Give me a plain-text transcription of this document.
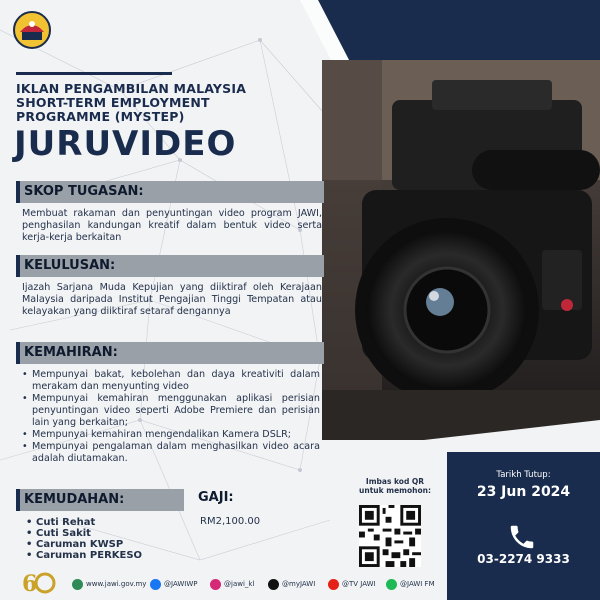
IKLAN PENGAMBILAN MALAYSIA
SHORT-TERM EMPLOYMENT
PROGRAMME (MYSTEP)
JURUVIDEO
SKOP TUGASAN:
Membuat rakaman dan penyuntingan video program JAWI, penghasilan kandungan kreatif dalam bentuk video serta kerja-kerja berkaitan
KELULUSAN:
Ijazah Sarjana Muda Kepujian yang diiktiraf oleh Kerajaan Malaysia daripada Institut Pengajian Tinggi Tempatan atau kelayakan yang diiktiraf setaraf dengannya
KEMAHIRAN:
• Mempunyai bakat, kebolehan dan daya kreativiti dalam merakam dan menyunting video
• Mempunyai kemahiran menggunakan aplikasi perisian penyuntingan video seperti Adobe Premiere dan perisian lain yang berkaitan;
• Mempunyai kemahiran mengendalikan Kamera DSLR;
• Mempunyai pengalaman dalam menghasilkan video acara adalah diutamakan.
KEMUDAHAN:
• Cuti Rehat
• Cuti Sakit
• Caruman KWSP
• Caruman PERKESO
GAJI:
RM2,100.00
Imbas kod QR
untuk memohon:
Tarikh Tutup:
23 Jun 2024
03-2274 9333
6	www.jawi.gov.my	@JAWIWP	@jawi_kl	@myJAWI	@TV JAWI	@JAWI FM
